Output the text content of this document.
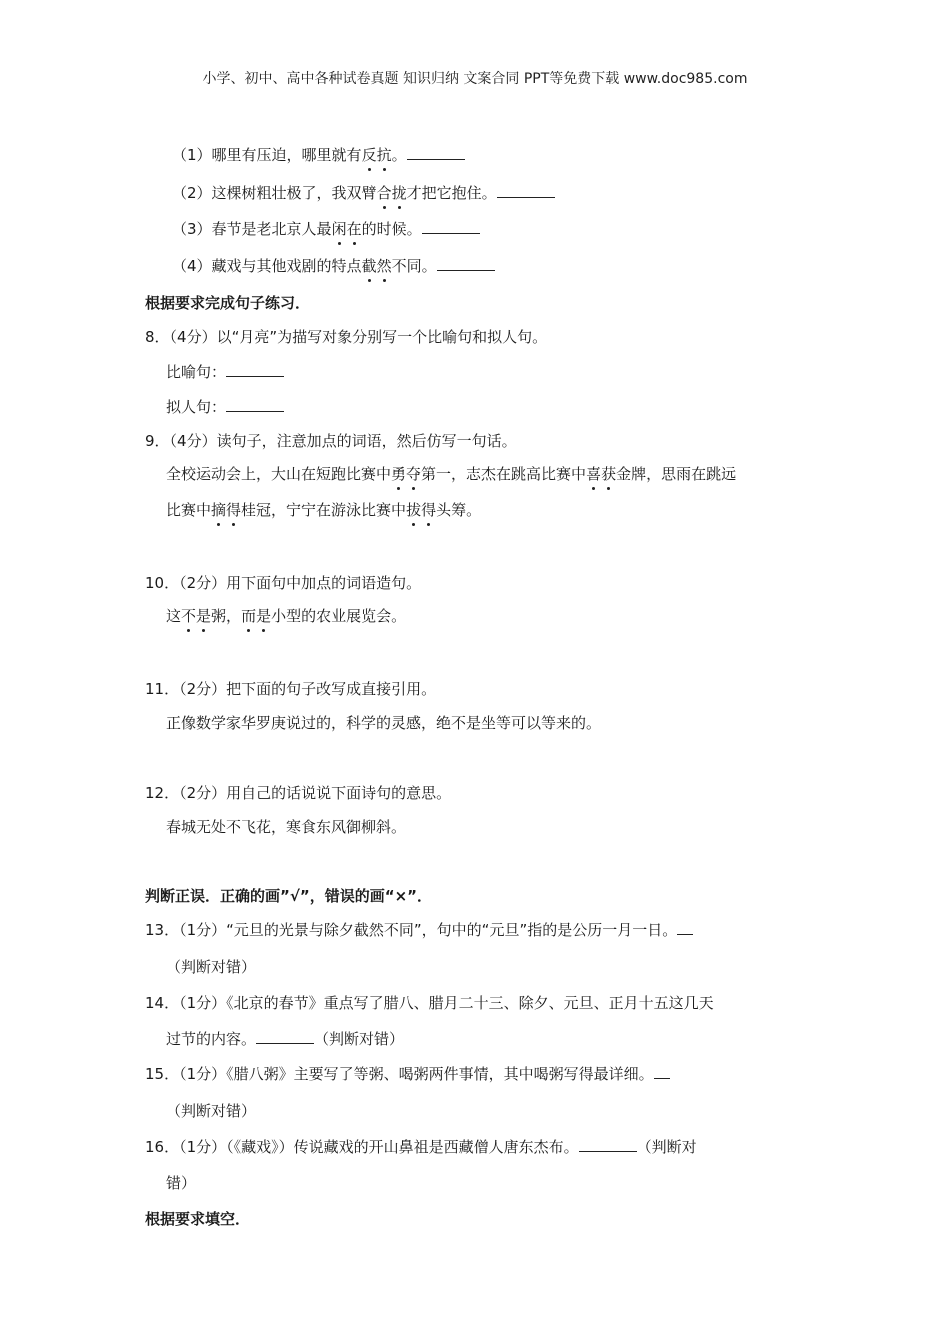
小学、初中、高中各种试卷真题 知识归纳 文案合同 PPT等免费下载 www.doc985.com
（1）哪里有压迫，哪里就有反抗。
（2）这棵树粗壮极了，我双臂合拢才把它抱住。
（3）春节是老北京人最闲在的时候。
（4）藏戏与其他戏剧的特点截然不同。
根据要求完成句子练习．
8．（4分）以“月亮”为描写对象分别写一个比喻句和拟人句。
比喻句：
拟人句：
9．（4分）读句子，注意加点的词语，然后仿写一句话。
全校运动会上，大山在短跑比赛中勇夺第一，志杰在跳高比赛中喜获金牌，思雨在跳远
比赛中摘得桂冠，宁宁在游泳比赛中拔得头筹。
10．（2分）用下面句中加点的词语造句。
这不是粥，而是小型的农业展览会。
11．（2分）把下面的句子改写成直接引用。
正像数学家华罗庚说过的，科学的灵感，绝不是坐等可以等来的。
12．（2分）用自己的话说说下面诗句的意思。
春城无处不飞花，寒食东风御柳斜。
判断正误．正确的画”√”，错误的画“×”．
13．（1分）“元旦的光景与除夕截然不同”，句中的“元旦”指的是公历一月一日。
（判断对错）
14．（1分）《北京的春节》重点写了腊八、腊月二十三、除夕、元旦、正月十五这几天
过节的内容。	（判断对错）
15．（1分）《腊八粥》主要写了等粥、喝粥两件事情，其中喝粥写得最详细。
（判断对错）
16．（1分）（《藏戏》）传说藏戏的开山鼻祖是西藏僧人唐东杰布。	（判断对
错）
根据要求填空．
